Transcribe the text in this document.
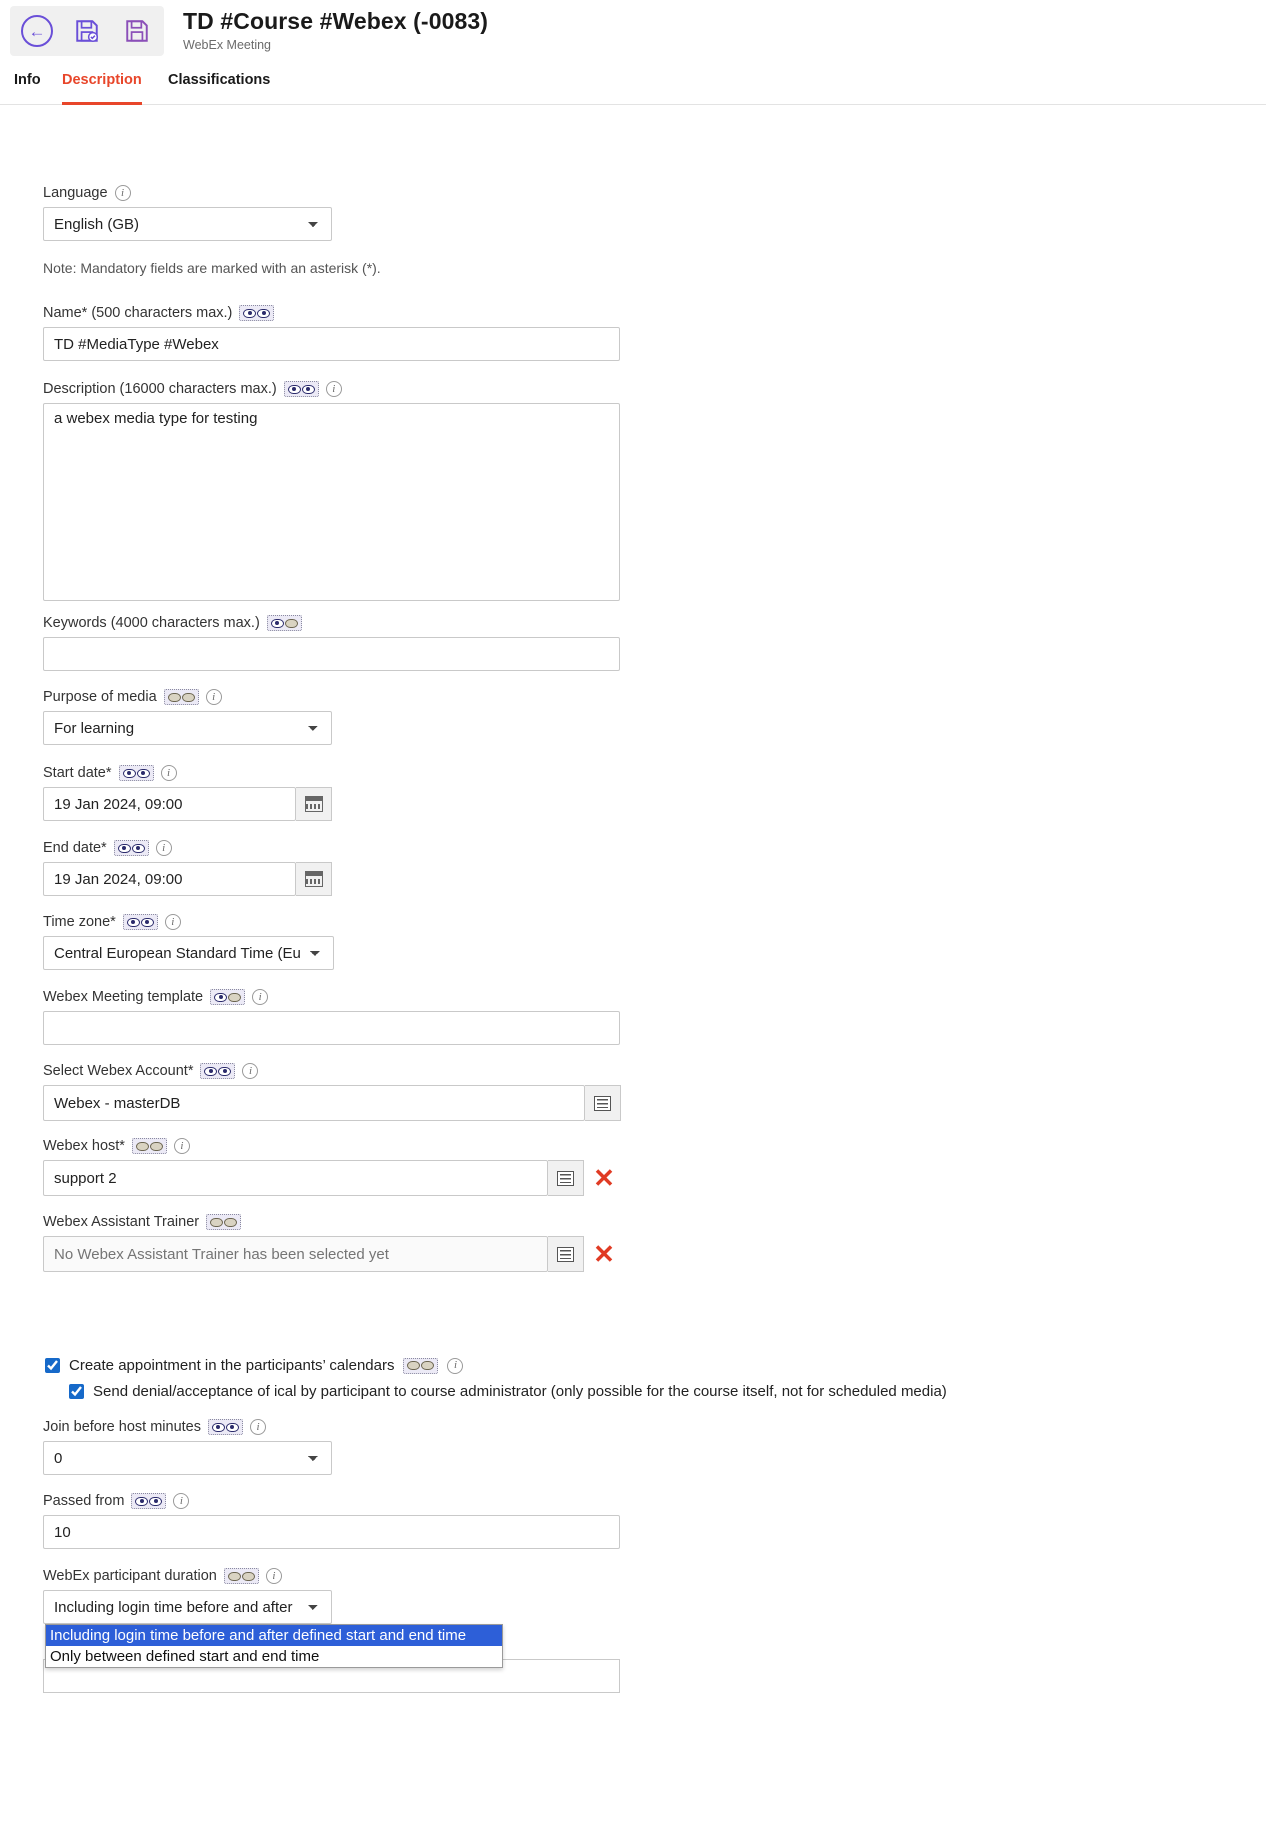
←	TD #Course #Webex (-0083)
WebEx Meeting
Info Description Classifications
Language	i
English (GB)
Note: Mandatory fields are marked with an asterisk (*).
Name* (500 characters max.)
TD #MediaType #Webex
Description (16000 characters max.)	i
a webex media type for testing
Keywords (4000 characters max.)
Purpose of media	i
For learning
Start date*	i
19 Jan 2024, 09:00
End date*	i
19 Jan 2024, 09:00
Time zone*	i
Central European Standard Time (Eu
Webex Meeting template	i
Select Webex Account*	i
Webex - masterDB
Webex host*	i
support 2
✕
Webex Assistant Trainer
No Webex Assistant Trainer has been selected yet
✕
Create appointment in the participants’ calendars	i
Send denial/acceptance of ical by participant to course administrator (only possible for the course itself, not for scheduled media)
Join before host minutes	i
0
Passed from	i
10
WebEx participant duration	i
Including login time before and after
Including login time before and after defined start and end time
Only between defined start and end time
